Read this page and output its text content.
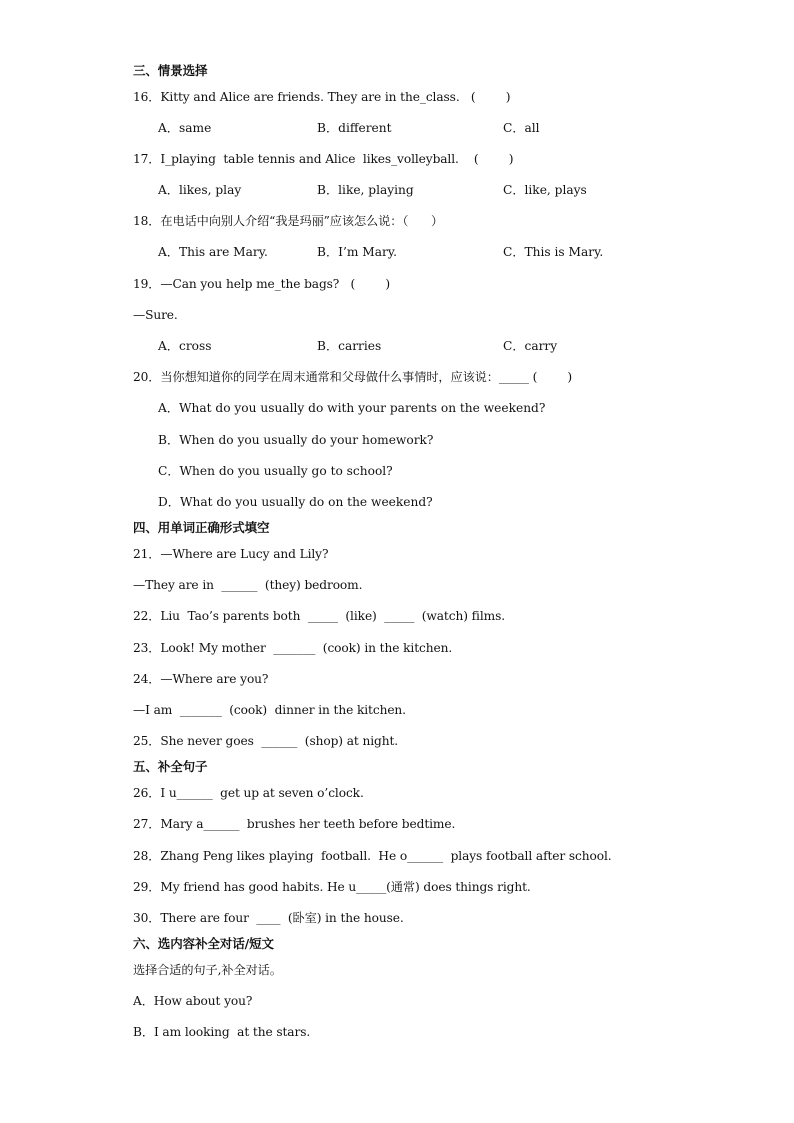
三、情景选择
16．Kitty and Alice are friends. They are in the_class.   (        )
A．same	B．different	C．all
17．I_playing  table tennis and Alice  likes_volleyball.    (        )
A．likes, play	B．like, playing	C．like, plays
18．在电话中向别人介绍“我是玛丽”应该怎么说：（      ）
A．This are Mary.	B．I’m Mary.	C．This is Mary.
19．—Can you help me_the bags?   (        )
—Sure.
A．cross	B．carries	C．carry
20．当你想知道你的同学在周末通常和父母做什么事情时，应该说：_____ (        )
A．What do you usually do with your parents on the weekend?
B．When do you usually do your homework?
C．When do you usually go to school?
D．What do you usually do on the weekend?
四、用单词正确形式填空
21．—Where are Lucy and Lily?
—They are in  ______  (they) bedroom.
22．Liu  Tao’s parents both  _____  (like)  _____  (watch) films.
23．Look! My mother  _______  (cook) in the kitchen.
24．—Where are you?
—I am  _______  (cook)  dinner in the kitchen.
25．She never goes  ______  (shop) at night.
五、补全句子
26．I u______  get up at seven o’clock.
27．Mary a______  brushes her teeth before bedtime.
28．Zhang Peng likes playing  football.  He o______  plays football after school.
29．My friend has good habits. He u_____(通常) does things right.
30．There are four  ____  (卧室) in the house.
六、选内容补全对话/短文
选择合适的句子,补全对话。
A．How about you?
B．I am looking  at the stars.
